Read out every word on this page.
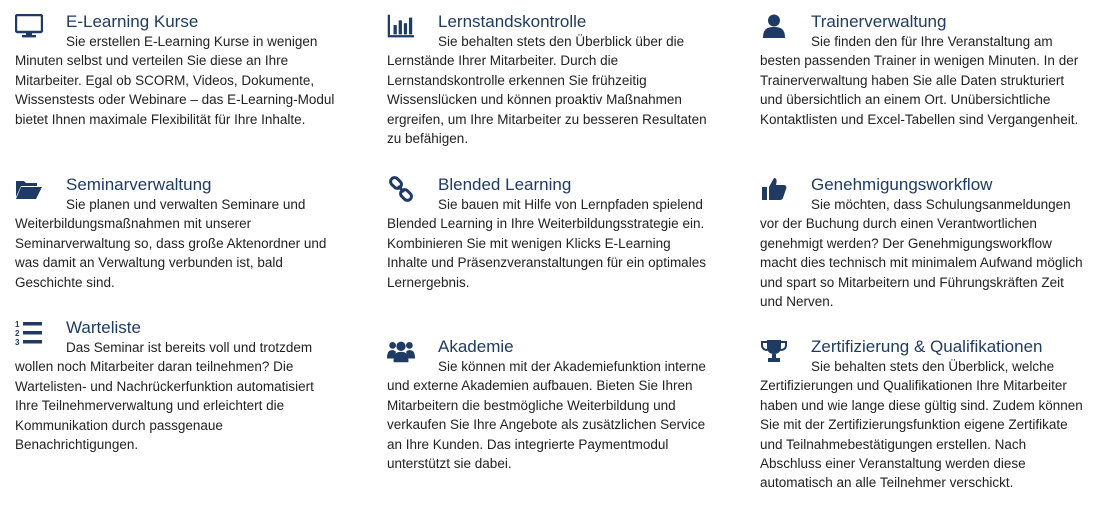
E-Learning Kurse
Sie erstellen E-Learning Kurse in wenigen Minuten selbst und verteilen Sie diese an Ihre Mitarbeiter. Egal ob SCORM, Videos, Dokumente, Wissenstests oder Webinare – das E-Learning-Modul bietet Ihnen maximale Flexibilität für Ihre Inhalte.
Lernstandskontrolle
Sie behalten stets den Überblick über die Lernstände Ihrer Mitarbeiter. Durch die Lernstandskontrolle erkennen Sie frühzeitig Wissenslücken und können proaktiv Maßnahmen ergreifen, um Ihre Mitarbeiter zu besseren Resultaten zu befähigen.
Trainerverwaltung
Sie finden den für Ihre Veranstaltung am besten passenden Trainer in wenigen Minuten. In der Trainerverwaltung haben Sie alle Daten strukturiert und übersichtlich an einem Ort. Unübersichtliche Kontaktlisten und Excel-Tabellen sind Vergangenheit.
Seminarverwaltung
Sie planen und verwalten Seminare und Weiterbildungsmaßnahmen mit unserer Seminarverwaltung so, dass große Aktenordner und was damit an Verwaltung verbunden ist, bald Geschichte sind.
Blended Learning
Sie bauen mit Hilfe von Lernpfaden spielend Blended Learning in Ihre Weiterbildungsstrategie ein. Kombinieren Sie mit wenigen Klicks E-Learning Inhalte und Präsenzveranstaltungen für ein optimales Lernergebnis.
Genehmigungsworkflow
Sie möchten, dass Schulungsanmeldungen vor der Buchung durch einen Verantwortlichen genehmigt werden? Der Genehmigungsworkflow macht dies technisch mit minimalem Aufwand möglich und spart so Mitarbeitern und Führungskräften Zeit und Nerven.
1
2
3
Warteliste
Das Seminar ist bereits voll und trotzdem wollen noch Mitarbeiter daran teilnehmen? Die Wartelisten- und Nachrückerfunktion automatisiert Ihre Teilnehmerverwaltung und erleichtert die Kommunikation durch passgenaue Benachrichtigungen.
Akademie
Sie können mit der Akademiefunktion interne und externe Akademien aufbauen. Bieten Sie Ihren Mitarbeitern die bestmögliche Weiterbildung und verkaufen Sie Ihre Angebote als zusätzlichen Service an Ihre Kunden. Das integrierte Paymentmodul unterstützt sie dabei.
Zertifizierung & Qualifikationen
Sie behalten stets den Überblick, welche Zertifizierungen und Qualifikationen Ihre Mitarbeiter haben und wie lange diese gültig sind. Zudem können Sie mit der Zertifizierungsfunktion eigene Zertifikate und Teilnahmebestätigungen erstellen. Nach Abschluss einer Veranstaltung werden diese automatisch an alle Teilnehmer verschickt.
